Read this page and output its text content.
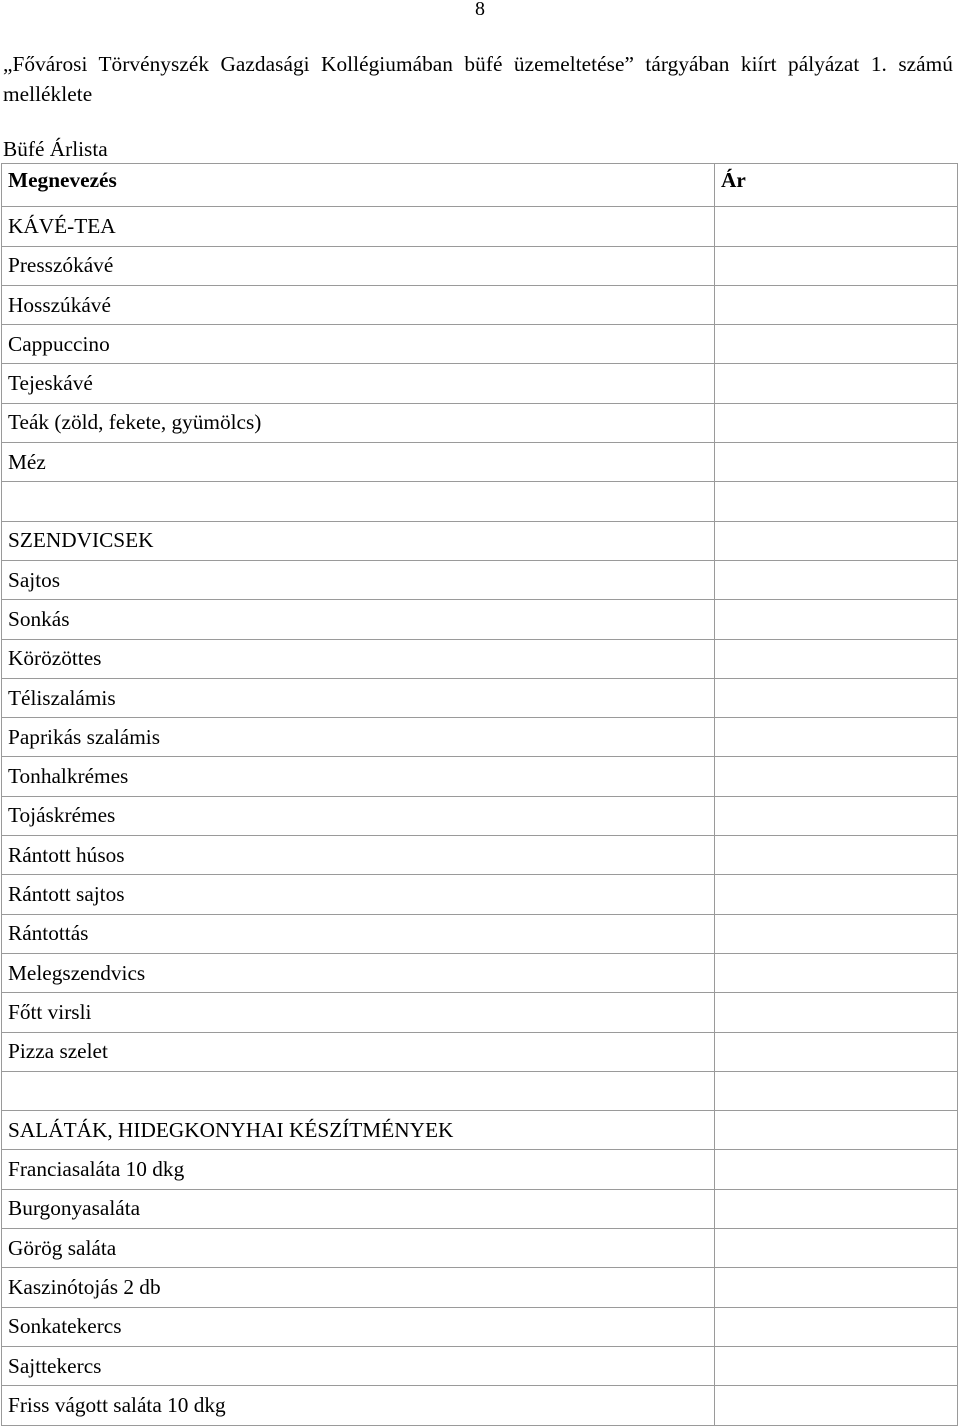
8
„Fővárosi Törvényszék Gazdasági Kollégiumában büfé üzemeltetése” tárgyában kiírt pályázat 1. számú melléklete
Büfé Árlista
Megnevezés	Ár
KÁVÉ-TEA	
Presszókávé	
Hosszúkávé	
Cappuccino	
Tejeskávé	
Teák (zöld, fekete, gyümölcs)	
Méz	

SZENDVICSEK	
Sajtos	
Sonkás	
Körözöttes	
Téliszalámis	
Paprikás szalámis	
Tonhalkrémes	
Tojáskrémes	
Rántott húsos	
Rántott sajtos	
Rántottás	
Melegszendvics	
Főtt virsli	
Pizza szelet	

SALÁTÁK, HIDEGKONYHAI KÉSZÍTMÉNYEK	
Franciasaláta 10 dkg	
Burgonyasaláta	
Görög saláta	
Kaszinótojás 2 db	
Sonkatekercs	
Sajttekercs	
Friss vágott saláta 10 dkg	
